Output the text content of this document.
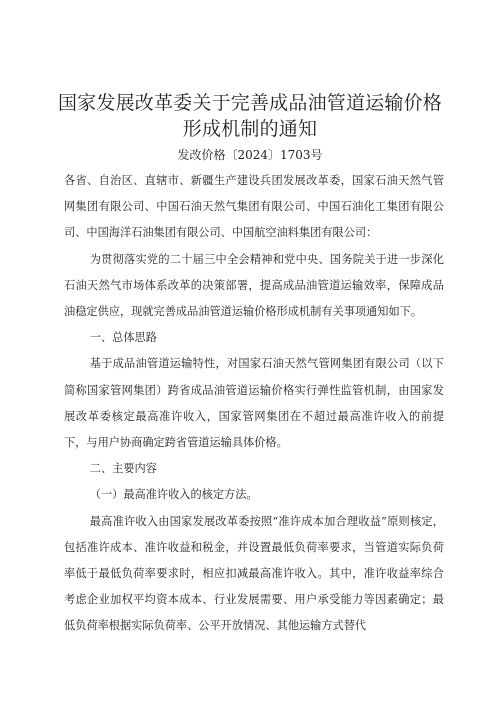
国家发展改革委关于完善成品油管道运输价格
形成机制的通知
发改价格〔2024〕1703号

各省、自治区、直辖市、新疆生产建设兵团发展改革委，国家石油天然气管网集团有限公司、中国石油天然气集团有限公司、中国石油化工集团有限公司、中国海洋石油集团有限公司、中国航空油料集团有限公司：

为贯彻落实党的二十届三中全会精神和党中央、国务院关于进一步深化石油天然气市场体系改革的决策部署，提高成品油管道运输效率，保障成品油稳定供应，现就完善成品油管道运输价格形成机制有关事项通知如下。

一、总体思路

基于成品油管道运输特性，对国家石油天然气管网集团有限公司（以下简称国家管网集团）跨省成品油管道运输价格实行弹性监管机制，由国家发展改革委核定最高准许收入，国家管网集团在不超过最高准许收入的前提下，与用户协商确定跨省管道运输具体价格。

二、主要内容

（一）最高准许收入的核定方法。

最高准许收入由国家发展改革委按照“准许成本加合理收益”原则核定，包括准许成本、准许收益和税金，并设置最低负荷率要求，当管道实际负荷率低于最低负荷率要求时，相应扣减最高准许收入。其中，准许收益率综合考虑企业加权平均资本成本、行业发展需要、用户承受能力等因素确定；最低负荷率根据实际负荷率、公平开放情况、其他运输方式替代
